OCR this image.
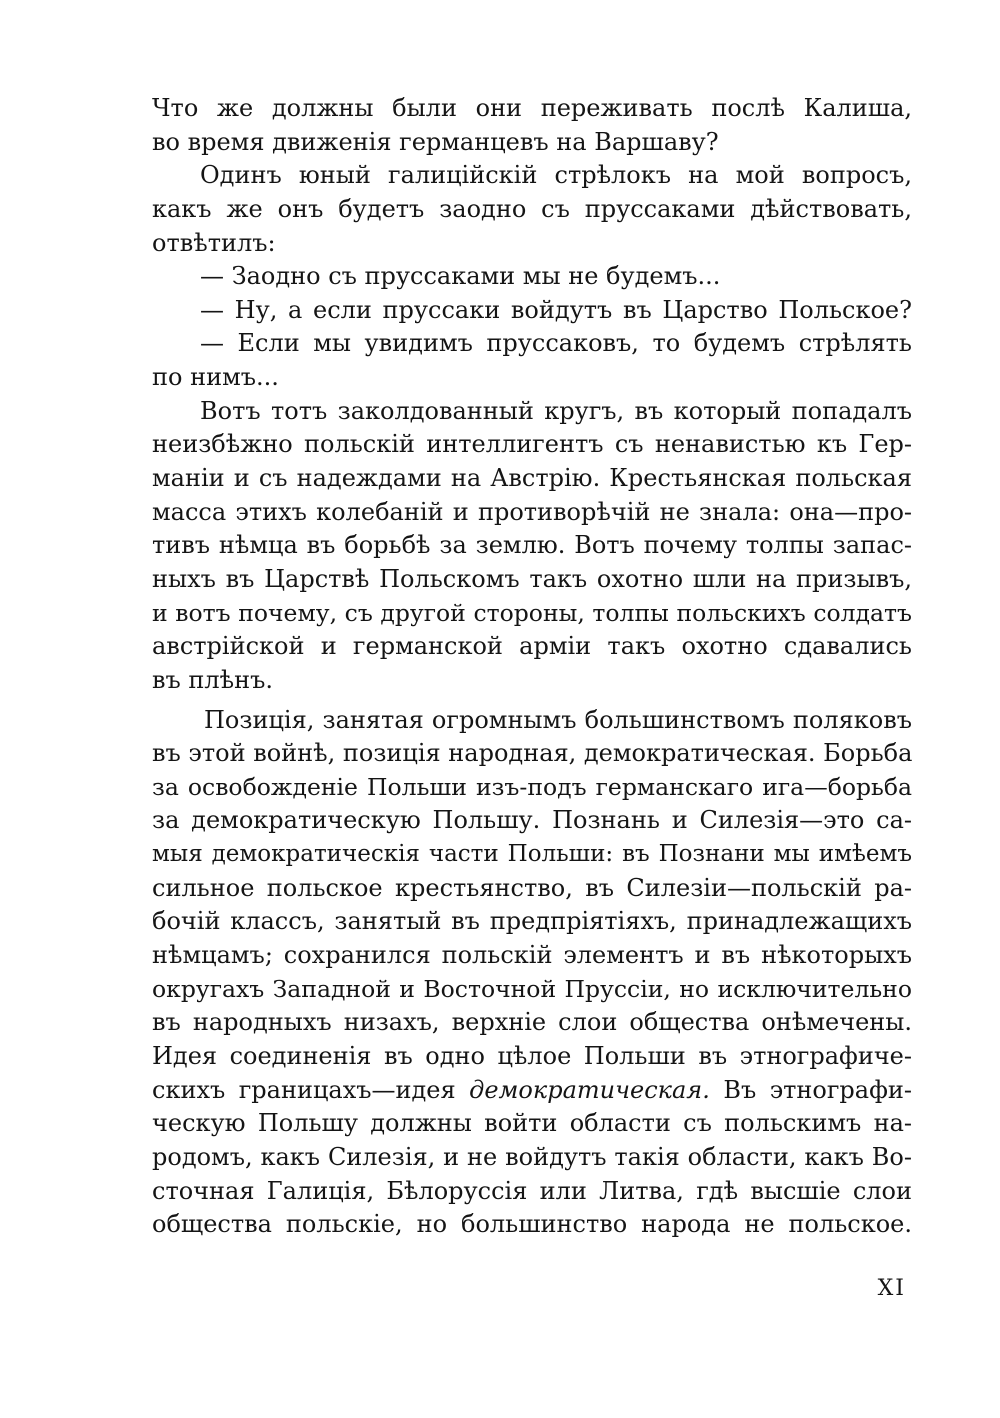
Что же должны были они переживать послѣ Калиша,
во время движенія германцевъ на Варшаву?
Одинъ юный галиційскій стрѣлокъ на мой вопросъ,
какъ же онъ будетъ заодно съ пруссаками дѣйствовать,
отвѣтилъ:
— Заодно съ пруссаками мы не будемъ...
— Ну, а если пруссаки войдутъ въ Царство Польское?
— Если мы увидимъ пруссаковъ, то будемъ стрѣлять
по нимъ...
Вотъ тотъ заколдованный кругъ, въ который попадалъ
неизбѣжно польскій интеллигентъ съ ненавистью къ Гер-
маніи и съ надеждами на Австрію. Крестьянская польская
масса этихъ колебаній и противорѣчій не знала: она—про-
тивъ нѣмца въ борьбѣ за землю. Вотъ почему толпы запас-
ныхъ въ Царствѣ Польскомъ такъ охотно шли на призывъ,
и вотъ почему, съ другой стороны, толпы польскихъ солдатъ
австрійской и германской арміи такъ охотно сдавались
въ плѣнъ.
Позиція, занятая огромнымъ большинствомъ поляковъ
въ этой войнѣ, позиція народная, демократическая. Борьба
за освобожденіе Польши изъ-подъ германскаго ига—борьба
за демократическую Польшу. Познань и Силезія—это са-
мыя демократическія части Польши: въ Познани мы имѣемъ
сильное польское крестьянство, въ Силезіи—польскій ра-
бочій классъ, занятый въ предпріятіяхъ, принадлежащихъ
нѣмцамъ; сохранился польскій элементъ и въ нѣкоторыхъ
округахъ Западной и Восточной Пруссіи, но исключительно
въ народныхъ низахъ, верхніе слои общества онѣмечены.
Идея соединенія въ одно цѣлое Польши въ этнографиче-
скихъ границахъ—идея демократическая. Въ этнографи-
ческую Польшу должны войти области съ польскимъ на-
родомъ, какъ Силезія, и не войдутъ такія области, какъ Во-
сточная Галиція, Бѣлоруссія или Литва, гдѣ высшіе слои
общества польскіе, но большинство народа не польское.
XI
